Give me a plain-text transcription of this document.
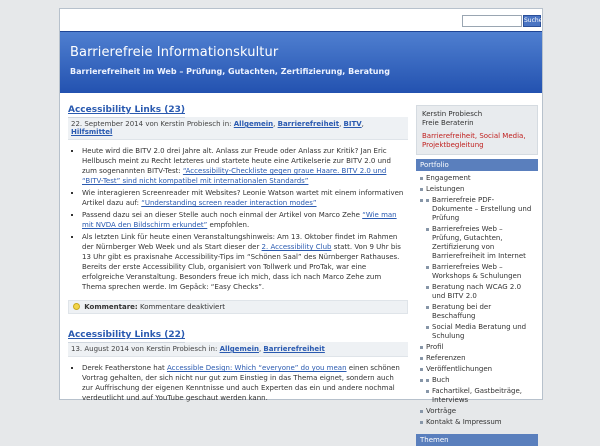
Suche
Barrierefreie Informationskultur
Barrierefreiheit im Web – Prüfung, Gutachten, Zertifizierung, Beratung
Accessibility Links (23)
22. September 2014 von Kerstin Probiesch in: Allgemein, Barrierefreiheit, BITV, Hilfsmittel
▪ Heute wird die BITV 2.0 drei Jahre alt. Anlass zur Freude oder Anlass zur Kritik? Jan Eric Hellbusch meint zu Recht letzteres und startete heute eine Artikelserie zur BITV 2.0 und zum sogenannten BITV-Test: “Accessibility-Checkliste gegen graue Haare. BITV 2.0 und “BITV-Test” sind nicht kompatibel mit internationalen Standards”
▪ Wie interagieren Screenreader mit Websites? Leonie Watson wartet mit einem informativen Artikel dazu auf: “Understanding screen reader interaction modes”
▪ Passend dazu sei an dieser Stelle auch noch einmal der Artikel von Marco Zehe “Wie man mit NVDA den Bildschirm erkundet” empfohlen.
▪ Als letzten Link für heute einen Veranstaltungshinweis: Am 13. Oktober findet im Rahmen der Nürnberger Web Week und als Start dieser der 2. Accessibility Club statt. Von 9 Uhr bis 13 Uhr gibt es praxisnahe Accessibility-Tips im “Schönen Saal” des Nürnberger Rathauses. Bereits der erste Accessibility Club, organisiert von Tollwerk und ProTak, war eine erfolgreiche Veranstaltung. Besonders freue ich mich, dass ich nach Marco Zehe zum Thema sprechen werde. Im Gepäck: “Easy Checks”.
Kommentare: Kommentare deaktiviert
Accessibility Links (22)
13. August 2014 von Kerstin Probiesch in: Allgemein, Barrierefreiheit
▪ Derek Featherstone hat Accessible Design: Which “everyone” do you mean einen schönen Vortrag gehalten, der sich nicht nur gut zum Einstieg in das Thema eignet, sondern auch zur Auffrischung der eigenen Kenntnisse und auch Experten das ein und andere nochmal verdeutlicht und auf YouTube geschaut werden kann.
Kerstin Probiesch
Freie Beraterin
Barrierefreiheit, Social Media, Projektbegleitung
Portfolio
Engagement
Leistungen
Barrierefreie PDF-Dokumente – Erstellung und Prüfung
Barrierefreies Web – Prüfung, Gutachten, Zertifizierung von Barrierefreiheit im Internet
Barrierefreies Web – Workshops & Schulungen
Beratung nach WCAG 2.0 und BITV 2.0
Beratung bei der Beschaffung
Social Media Beratung und Schulung
Profil
Referenzen
Veröffentlichungen
Buch
Fachartikel, Gastbeiträge, Interviews
Vorträge
Kontakt & Impressum
Themen
